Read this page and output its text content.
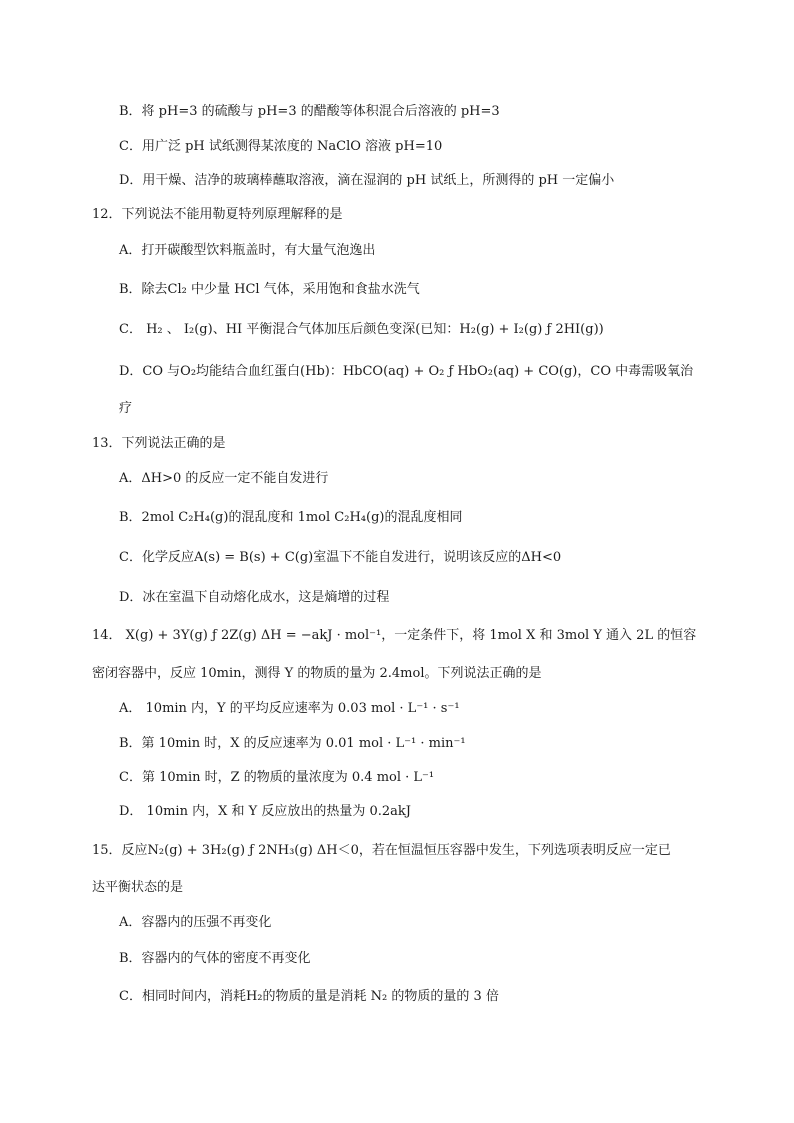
B．将 pH=3 的硫酸与 pH=3 的醋酸等体积混合后溶液的 pH=3
C．用广泛 pH 试纸测得某浓度的 NaClO 溶液 pH=10
D．用干燥、洁净的玻璃棒蘸取溶液，滴在湿润的 pH 试纸上，所测得的 pH 一定偏小
12．下列说法不能用勒夏特列原理解释的是
A．打开碳酸型饮料瓶盖时，有大量气泡逸出
B．除去Cl₂ 中少量 HCl 气体，采用饱和食盐水洗气
C． H₂ 、 I₂(g)、HI 平衡混合气体加压后颜色变深(已知：H₂(g) + I₂(g) ƒ 2HI(g))
D．CO 与O₂均能结合血红蛋白(Hb)：HbCO(aq) + O₂ ƒ HbO₂(aq) + CO(g)，CO 中毒需吸氧治
疗
13．下列说法正确的是
A．ΔH>0 的反应一定不能自发进行
B．2mol C₂H₄(g)的混乱度和 1mol C₂H₄(g)的混乱度相同
C．化学反应A(s) = B(s) + C(g)室温下不能自发进行，说明该反应的ΔH<0
D．冰在室温下自动熔化成水，这是熵增的过程
14． X(g) + 3Y(g) ƒ 2Z(g) ΔH = −akJ · mol⁻¹，一定条件下，将 1mol X 和 3mol Y 通入 2L 的恒容
密闭容器中，反应 10min，测得 Y 的物质的量为 2.4mol。下列说法正确的是
A． 10min 内，Y 的平均反应速率为 0.03 mol · L⁻¹ · s⁻¹
B．第 10min 时，X 的反应速率为 0.01 mol · L⁻¹ · min⁻¹
C．第 10min 时，Z 的物质的量浓度为 0.4 mol · L⁻¹
D． 10min 内，X 和 Y 反应放出的热量为 0.2akJ
15．反应N₂(g) + 3H₂(g) ƒ 2NH₃(g) ΔH＜0，若在恒温恒压容器中发生，下列选项表明反应一定已
达平衡状态的是
A．容器内的压强不再变化
B．容器内的气体的密度不再变化
C．相同时间内，消耗H₂的物质的量是消耗 N₂ 的物质的量的 3 倍
